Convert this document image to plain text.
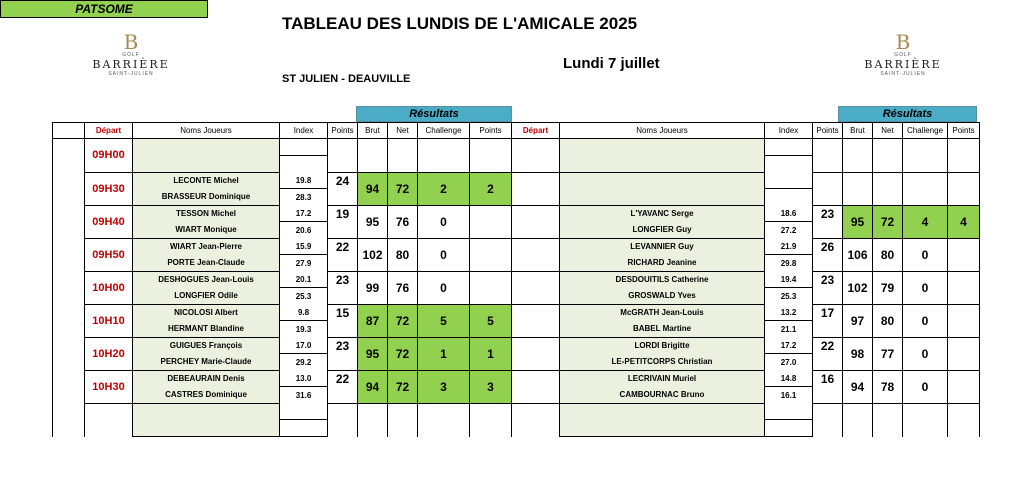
TABLEAU DES LUNDIS DE L'AMICALE 2025
B
GOLF
BARRIÈRE
SAINT-JULIEN
B
GOLF
BARRIÈRE
SAINT-JULIEN
Lundi 7 juillet
ST JULIEN - DEAUVILLE
PATSOME
Résultats	Résultats
	Départ	Noms Joueurs	Index	Points	Brut	Net	Challenge	Points	Départ	Noms Joueurs	Index	Points	Brut	Net	Challenge	Points
	09H00															

	09H30	LECONTE Michel	19.8	24	94	72	2	2								
		BRASSEUR Dominique	28.3													
	09H40	TESSON Michel	17.2	19	95	76	0			L'YAVANC Serge	18.6	23	95	72	4	4
		WIART Monique	20.6							LONGFIER Guy	27.2					
	09H50	WIART Jean-Pierre	15.9	22	102	80	0			LEVANNIER Guy	21.9	26	106	80	0	
		PORTE Jean-Claude	27.9							RICHARD Jeanine	29.8					
	10H00	DESHOGUES Jean-Louis	20.1	23	99	76	0			DESDOUITILS Catherine	19.4	23	102	79	0	
		LONGFIER Odile	25.3							GROSWALD Yves	25.3					
	10H10	NICOLOSI Albert	9.8	15	87	72	5	5		McGRATH Jean-Louis	13.2	17	97	80	0	
		HERMANT Blandine	19.3							BABEL Martine	21.1					
	10H20	GUIGUES François	17.0	23	95	72	1	1		LORDI Brigitte	17.2	22	98	77	0	
		PERCHEY Marie-Claude	29.2							LE-PETITCORPS Christian	27.0					
	10H30	DEBEAURAIN Denis	13.0	22	94	72	3	3		LECRIVAIN Muriel	14.8	16	94	78	0	
		CASTRES Dominique	31.6							CAMBOURNAC Bruno	16.1					
